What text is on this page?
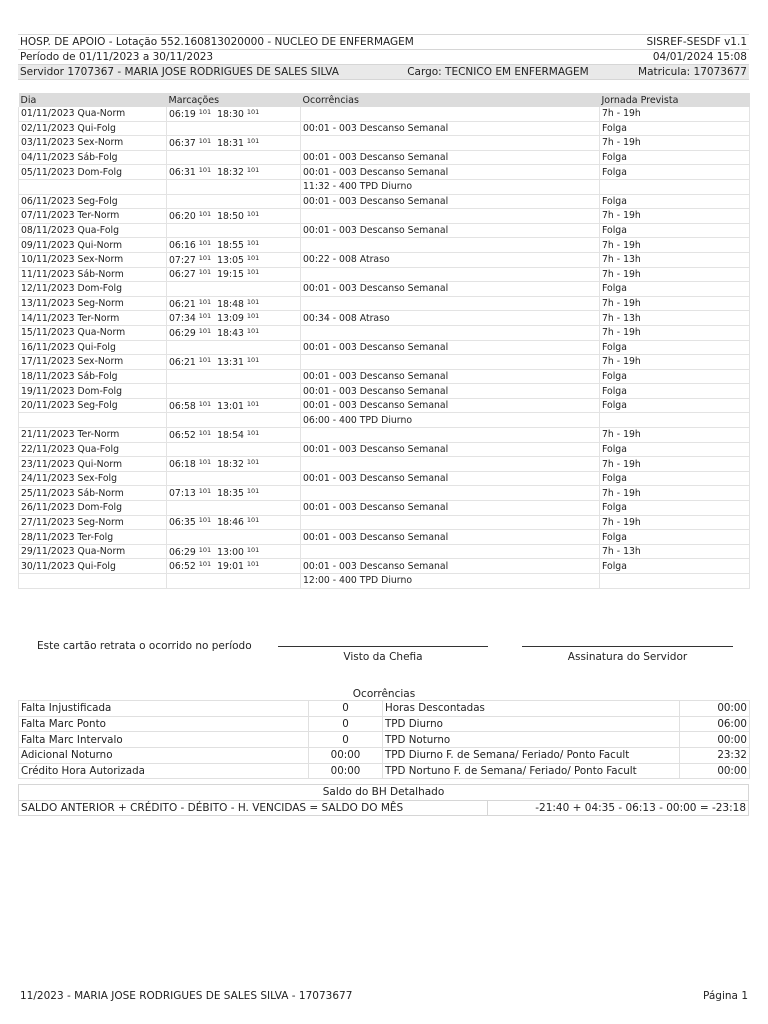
HOSP. DE APOIO - Lotação 552.160813020000 - NUCLEO DE ENFERMAGEM		SISREF-SESDF v1.1
Período de 01/11/2023 a 30/11/2023		04/01/2024 15:08
Servidor 1707367 - MARIA JOSE RODRIGUES DE SALES SILVA	Cargo: TECNICO EM ENFERMAGEM	Matricula: 17073677
Dia	Marcações	Ocorrências	Jornada Prevista
01/11/2023 Qua-Norm	06:19 $^{101}$ 18:30 $^{101}$		7h - 19h
02/11/2023 Qui-Folg		00:01 - 003 Descanso Semanal	Folga
03/11/2023 Sex-Norm	06:37 $^{101}$ 18:31 $^{101}$		7h - 19h
04/11/2023 Sáb-Folg		00:01 - 003 Descanso Semanal	Folga
05/11/2023 Dom-Folg	06:31 $^{101}$ 18:32 $^{101}$	00:01 - 003 Descanso Semanal	Folga
		11:32 - 400 TPD Diurno	
06/11/2023 Seg-Folg		00:01 - 003 Descanso Semanal	Folga
07/11/2023 Ter-Norm	06:20 $^{101}$ 18:50 $^{101}$		7h - 19h
08/11/2023 Qua-Folg		00:01 - 003 Descanso Semanal	Folga
09/11/2023 Qui-Norm	06:16 $^{101}$ 18:55 $^{101}$		7h - 19h
10/11/2023 Sex-Norm	07:27 $^{101}$ 13:05 $^{101}$	00:22 - 008 Atraso	7h - 13h
11/11/2023 Sáb-Norm	06:27 $^{101}$ 19:15 $^{101}$		7h - 19h
12/11/2023 Dom-Folg		00:01 - 003 Descanso Semanal	Folga
13/11/2023 Seg-Norm	06:21 $^{101}$ 18:48 $^{101}$		7h - 19h
14/11/2023 Ter-Norm	07:34 $^{101}$ 13:09 $^{101}$	00:34 - 008 Atraso	7h - 13h
15/11/2023 Qua-Norm	06:29 $^{101}$ 18:43 $^{101}$		7h - 19h
16/11/2023 Qui-Folg		00:01 - 003 Descanso Semanal	Folga
17/11/2023 Sex-Norm	06:21 $^{101}$ 13:31 $^{101}$		7h - 19h
18/11/2023 Sáb-Folg		00:01 - 003 Descanso Semanal	Folga
19/11/2023 Dom-Folg		00:01 - 003 Descanso Semanal	Folga
20/11/2023 Seg-Folg	06:58 $^{101}$ 13:01 $^{101}$	00:01 - 003 Descanso Semanal	Folga
		06:00 - 400 TPD Diurno	
21/11/2023 Ter-Norm	06:52 $^{101}$ 18:54 $^{101}$		7h - 19h
22/11/2023 Qua-Folg		00:01 - 003 Descanso Semanal	Folga
23/11/2023 Qui-Norm	06:18 $^{101}$ 18:32 $^{101}$		7h - 19h
24/11/2023 Sex-Folg		00:01 - 003 Descanso Semanal	Folga
25/11/2023 Sáb-Norm	07:13 $^{101}$ 18:35 $^{101}$		7h - 19h
26/11/2023 Dom-Folg		00:01 - 003 Descanso Semanal	Folga
27/11/2023 Seg-Norm	06:35 $^{101}$ 18:46 $^{101}$		7h - 19h
28/11/2023 Ter-Folg		00:01 - 003 Descanso Semanal	Folga
29/11/2023 Qua-Norm	06:29 $^{101}$ 13:00 $^{101}$		7h - 13h
30/11/2023 Qui-Folg	06:52 $^{101}$ 19:01 $^{101}$	00:01 - 003 Descanso Semanal	Folga
		12:00 - 400 TPD Diurno	
Este cartão retrata o ocorrido no período
Visto da Chefia	Assinatura do Servidor
Ocorrências
Falta Injustificada	0	Horas Descontadas	00:00
Falta Marc Ponto	0	TPD Diurno	06:00
Falta Marc Intervalo	0	TPD Noturno	00:00
Adicional Noturno	00:00	TPD Diurno F. de Semana/ Feriado/ Ponto Facult	23:32
Crédito Hora Autorizada	00:00	TPD Nortuno F. de Semana/ Feriado/ Ponto Facult	00:00
Saldo do BH Detalhado
SALDO ANTERIOR + CRÉDITO - DÉBITO - H. VENCIDAS = SALDO DO MÊS	-21:40 + 04:35 - 06:13 - 00:00 = -23:18
11/2023 - MARIA JOSE RODRIGUES DE SALES SILVA - 17073677	Página 1
